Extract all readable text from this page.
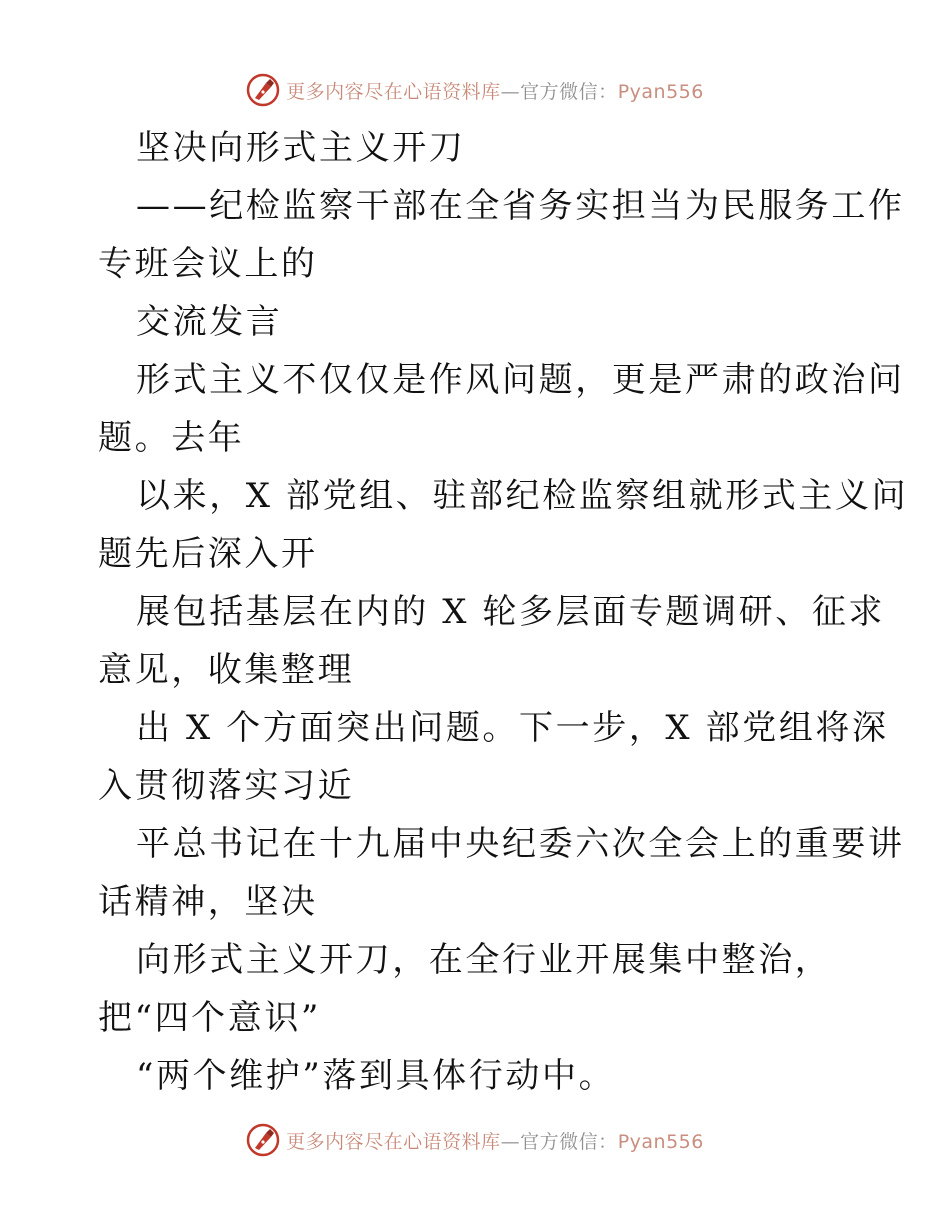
更多内容尽在心语资料库—官方微信：Pyan556
坚决向形式主义开刀
——纪检监察干部在全省务实担当为民服务工作
专班会议上的
交流发言
形式主义不仅仅是作风问题，更是严肃的政治问
题。去年
以来，X 部党组、驻部纪检监察组就形式主义问
题先后深入开
展包括基层在内的 X 轮多层面专题调研、征求
意见，收集整理
出 X 个方面突出问题。下一步，X 部党组将深
入贯彻落实习近
平总书记在十九届中央纪委六次全会上的重要讲
话精神，坚决
向形式主义开刀，在全行业开展集中整治，
把“四个意识”
“两个维护”落到具体行动中。
更多内容尽在心语资料库—官方微信：Pyan556
